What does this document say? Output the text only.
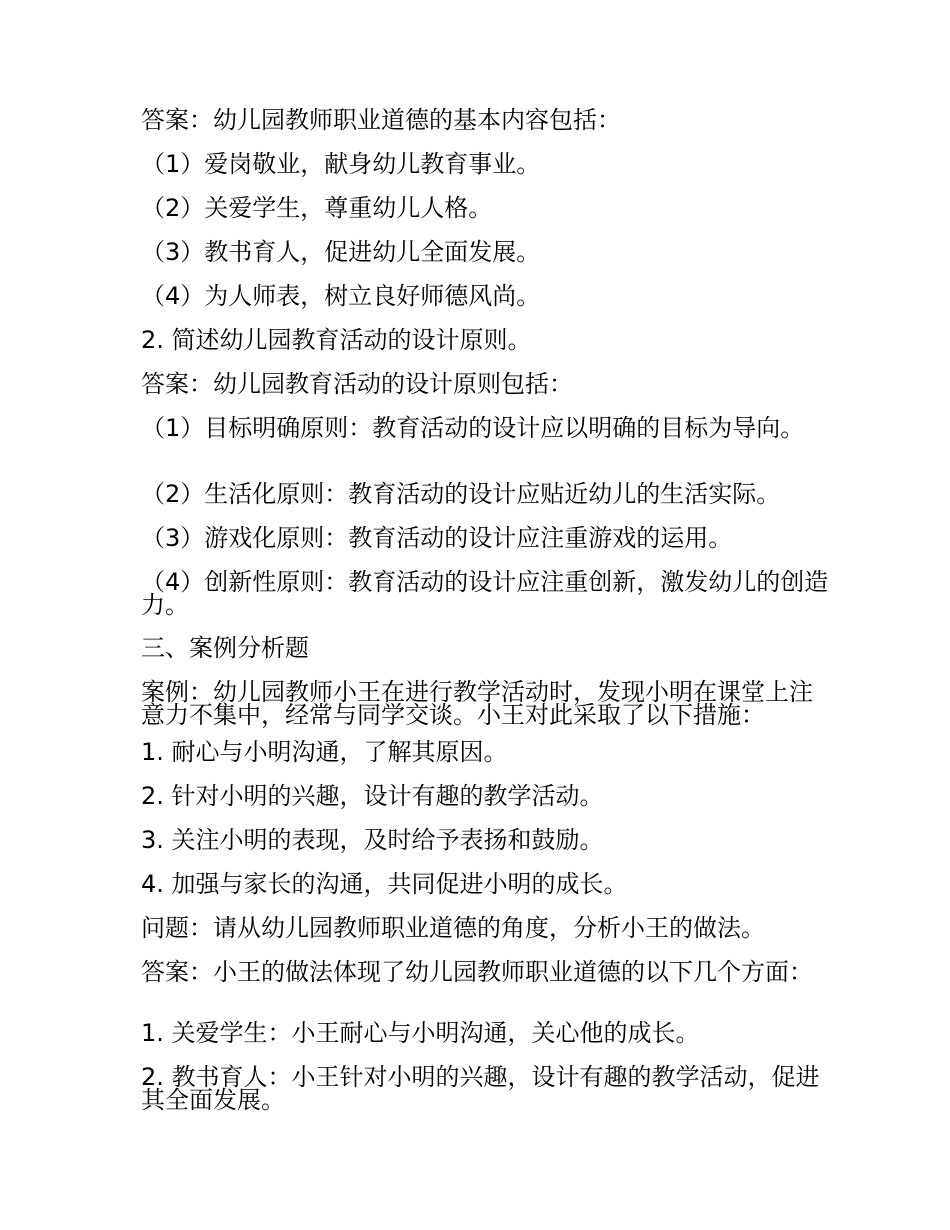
答案：幼儿园教师职业道德的基本内容包括：
（1）爱岗敬业，献身幼儿教育事业。
（2）关爱学生，尊重幼儿人格。
（3）教书育人，促进幼儿全面发展。
（4）为人师表，树立良好师德风尚。
2. 简述幼儿园教育活动的设计原则。
答案：幼儿园教育活动的设计原则包括：
（1）目标明确原则：教育活动的设计应以明确的目标为导向。
（2）生活化原则：教育活动的设计应贴近幼儿的生活实际。
（3）游戏化原则：教育活动的设计应注重游戏的运用。
（4）创新性原则：教育活动的设计应注重创新，激发幼儿的创造力。
三、案例分析题
案例：幼儿园教师小王在进行教学活动时，发现小明在课堂上注意力不集中，经常与同学交谈。小王对此采取了以下措施：
1. 耐心与小明沟通，了解其原因。
2. 针对小明的兴趣，设计有趣的教学活动。
3. 关注小明的表现，及时给予表扬和鼓励。
4. 加强与家长的沟通，共同促进小明的成长。
问题：请从幼儿园教师职业道德的角度，分析小王的做法。
答案：小王的做法体现了幼儿园教师职业道德的以下几个方面：
1. 关爱学生：小王耐心与小明沟通，关心他的成长。
2. 教书育人：小王针对小明的兴趣，设计有趣的教学活动，促进其全面发展。
